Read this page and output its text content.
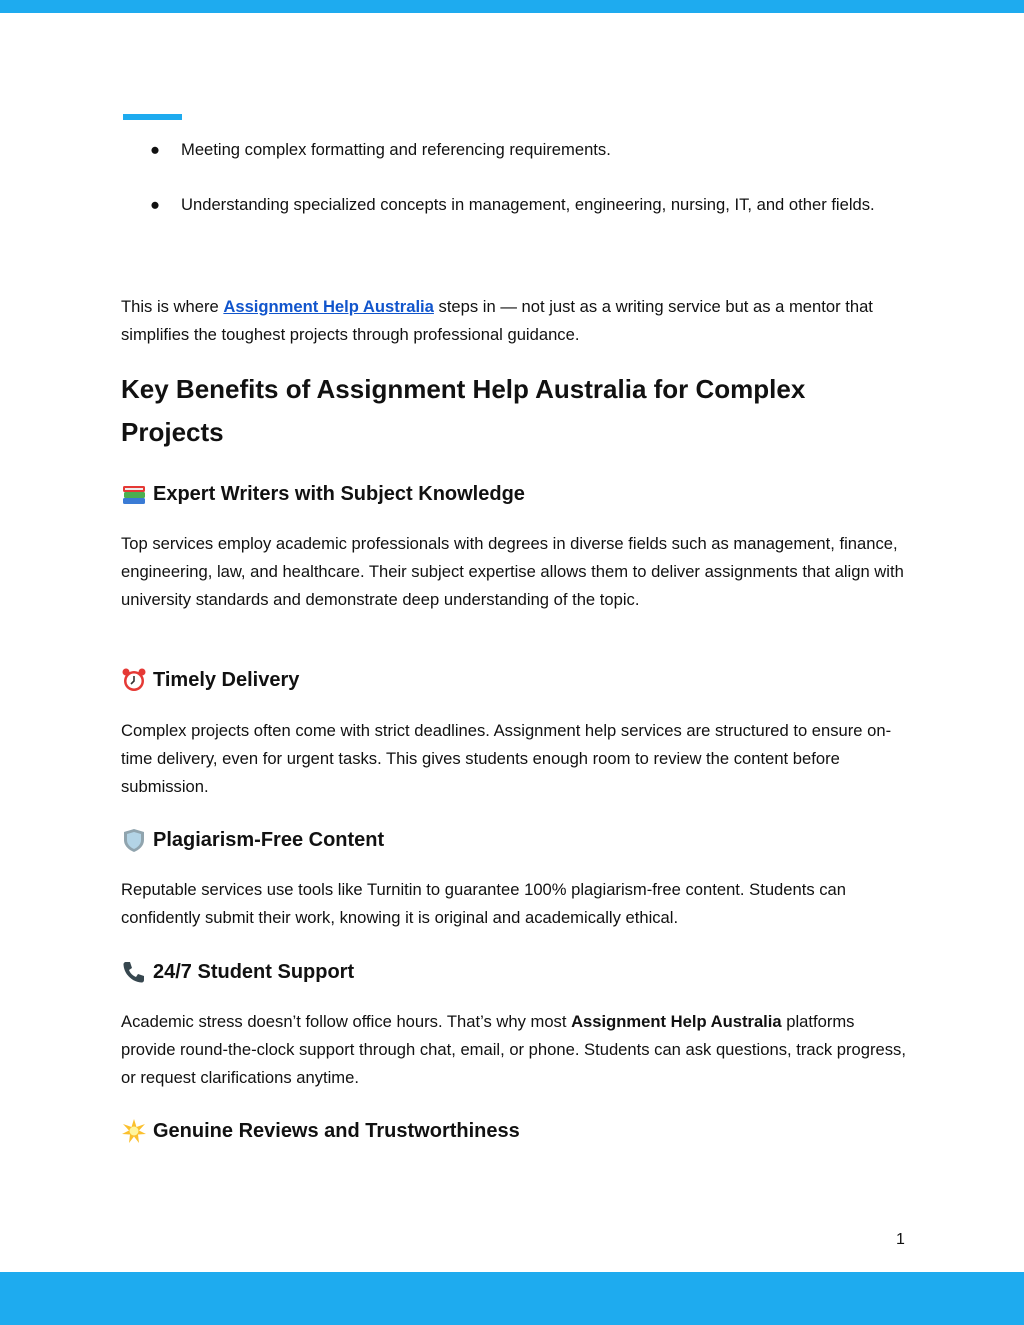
● Meeting complex formatting and referencing requirements.
● Understanding specialized concepts in management, engineering, nursing, IT, and other fields.
This is where Assignment Help Australia steps in — not just as a writing service but as a mentor that simplifies the toughest projects through professional guidance.
Key Benefits of Assignment Help Australia for Complex Projects
Expert Writers with Subject Knowledge
Top services employ academic professionals with degrees in diverse fields such as management, finance, engineering, law, and healthcare. Their subject expertise allows them to deliver assignments that align with university standards and demonstrate deep understanding of the topic.
Timely Delivery
Complex projects often come with strict deadlines. Assignment help services are structured to ensure on-time delivery, even for urgent tasks. This gives students enough room to review the content before submission.
Plagiarism-Free Content
Reputable services use tools like Turnitin to guarantee 100% plagiarism-free content. Students can confidently submit their work, knowing it is original and academically ethical.
24/7 Student Support
Academic stress doesn’t follow office hours. That’s why most Assignment Help Australia platforms provide round-the-clock support through chat, email, or phone. Students can ask questions, track progress, or request clarifications anytime.
Genuine Reviews and Trustworthiness
1
